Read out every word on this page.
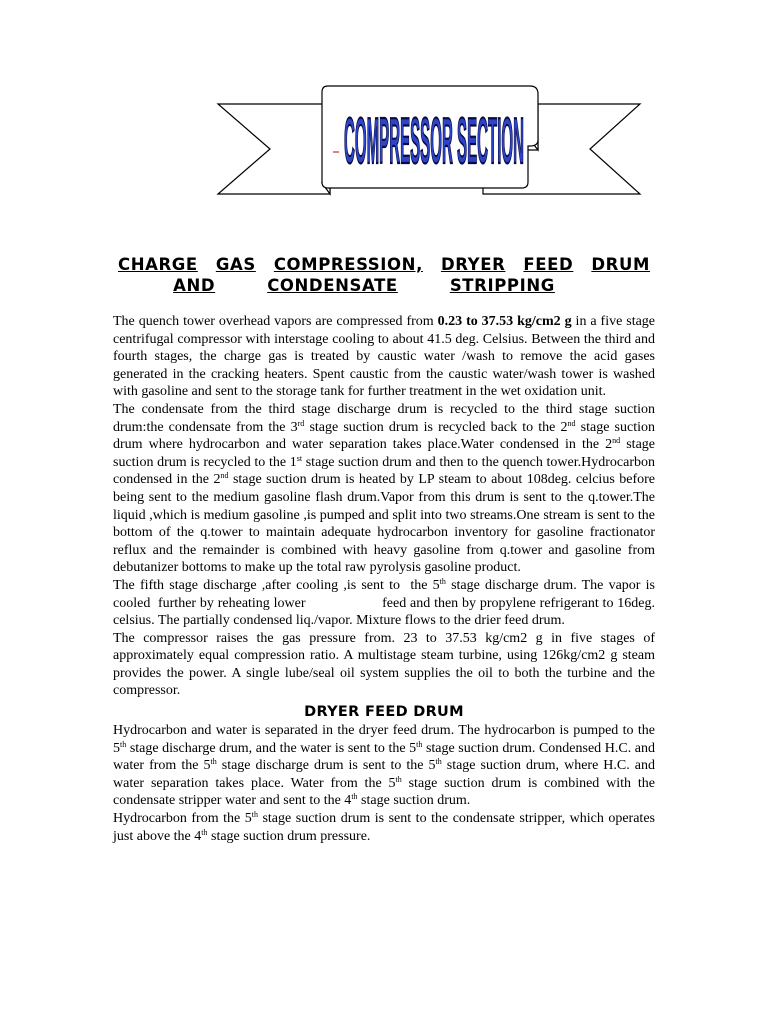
COMPRESSOR SECTION
CHARGE GAS COMPRESSION, DRYER FEED DRUM
AND	CONDENSATE	STRIPPING

The quench tower overhead vapors are compressed from 0.23 to 37.53 kg/cm2 g in a five stage centrifugal compressor with interstage cooling to about 41.5 deg. Celsius. Between the third and fourth stages, the charge gas is treated by caustic water /wash to remove the acid gases generated in the cracking heaters. Spent caustic from the caustic water/wash tower is washed with gasoline and sent to the storage tank for further treatment in the wet oxidation unit.

The condensate from the third stage discharge drum is recycled to the third stage suction drum:the condensate from the 3rd stage suction drum is recycled back to the 2nd stage suction drum where hydrocarbon and water separation takes place.Water condensed in the 2nd stage suction drum is recycled to the 1st stage suction drum and then to the quench tower.Hydrocarbon condensed in the 2nd stage suction drum is heated by LP steam to about 108deg. celcius before being sent to the medium gasoline flash drum.Vapor from this drum is sent to the q.tower.The liquid ,which is medium gasoline ,is pumped and split into two streams.One stream is sent to the bottom of the q.tower to maintain adequate hydrocarbon inventory for gasoline fractionator reflux and the remainder is combined with heavy gasoline from q.tower and gasoline from debutanizer bottoms to make up the total raw pyrolysis gasoline product.

The fifth stage discharge ,after cooling ,is sent to  the 5th stage discharge drum. The vapor is cooled  further by reheating lower                    feed and then by propylene refrigerant to 16deg. celsius. The partially condensed liq./vapor. Mixture flows to the drier feed drum.

The compressor raises the gas pressure from. 23 to 37.53 kg/cm2 g in five stages of approximately equal compression ratio. A multistage steam turbine, using 126kg/cm2 g steam provides the power. A single lube/seal oil system supplies the oil to both the turbine and the compressor.

DRYER FEED DRUM

Hydrocarbon and water is separated in the dryer feed drum. The hydrocarbon is pumped to the 5th stage discharge drum, and the water is sent to the 5th stage suction drum. Condensed H.C. and water from the 5th stage discharge drum is sent to the 5th stage suction drum, where H.C. and water separation takes place. Water from the 5th stage suction drum is combined with the condensate stripper water and sent to the 4th stage suction drum.

Hydrocarbon from the 5th stage suction drum is sent to the condensate stripper, which operates just above the 4th stage suction drum pressure.
